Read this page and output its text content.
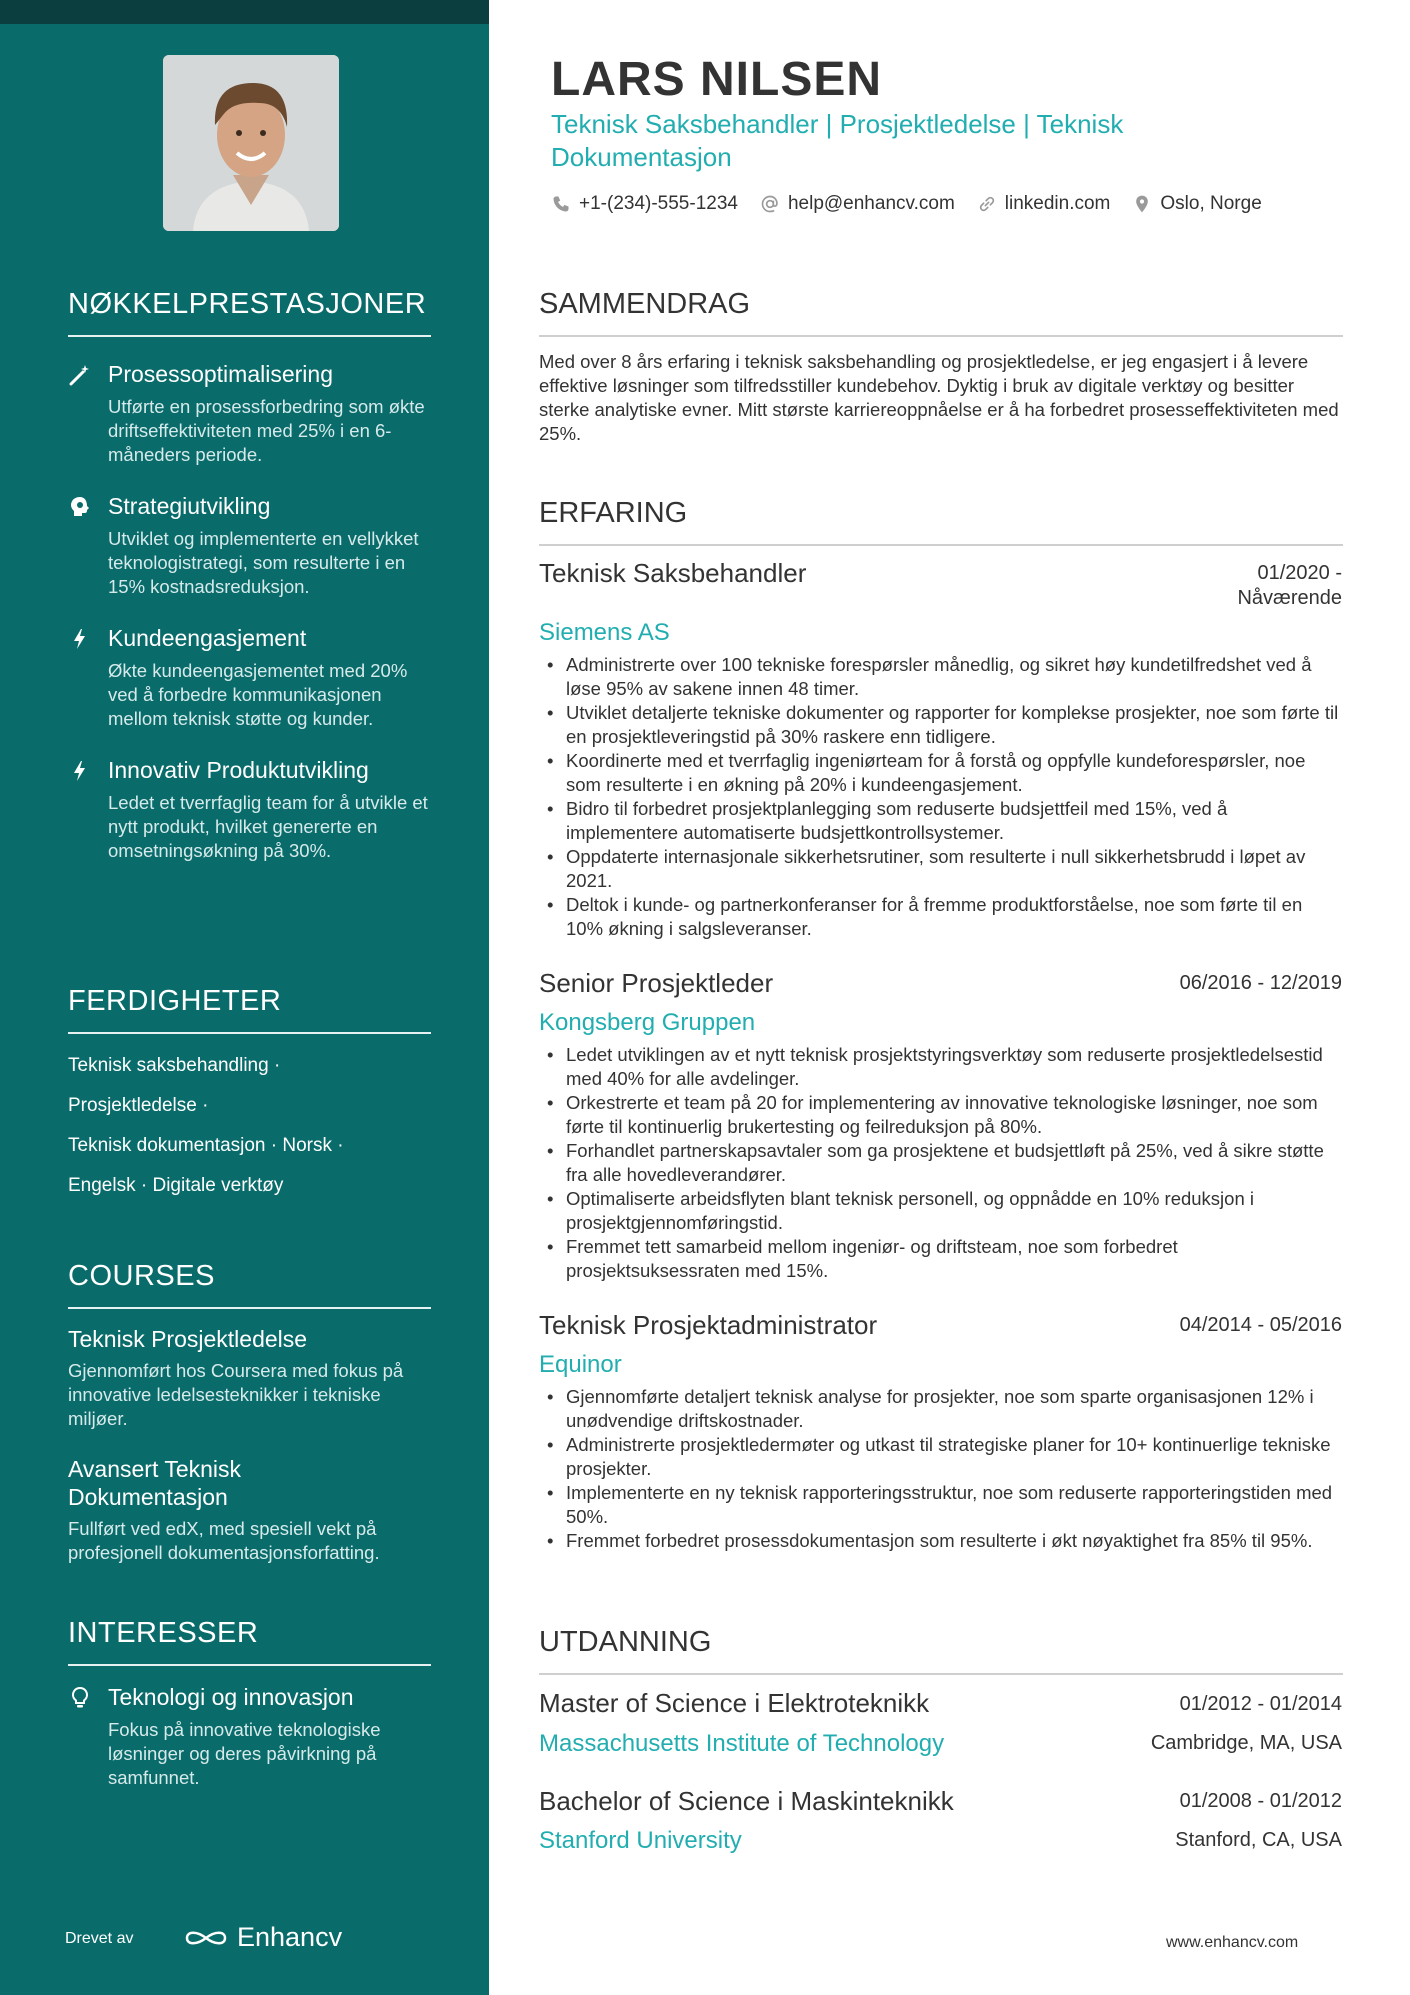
NØKKELPRESTASJONER
Prosessoptimalisering
Utførte en prosessforbedring som økte driftseffektiviteten med 25% i en 6-måneders periode.
Strategiutvikling
Utviklet og implementerte en vellykket teknologistrategi, som resulterte i en 15% kostnadsreduksjon.
Kundeengasjement
Økte kundeengasjementet med 20% ved å forbedre kommunikasjonen mellom teknisk støtte og kunder.
Innovativ Produktutvikling
Ledet et tverrfaglig team for å utvikle et nytt produkt, hvilket genererte en omsetningsøkning på 30%.
FERDIGHETER
Teknisk saksbehandling ·
Prosjektledelse ·
Teknisk dokumentasjon · Norsk ·
Engelsk · Digitale verktøy
COURSES
Teknisk Prosjektledelse
Gjennomført hos Coursera med fokus på innovative ledelsesteknikker i tekniske miljøer.
Avansert Teknisk Dokumentasjon
Fullført ved edX, med spesiell vekt på profesjonell dokumentasjonsforfatting.
INTERESSER
Teknologi og innovasjon
Fokus på innovative teknologiske løsninger og deres påvirkning på samfunnet.
Drevet av	Enhancv
LARS NILSEN
Teknisk Saksbehandler | Prosjektledelse | Teknisk Dokumentasjon
+1-(234)-555-1234	help@enhancv.com	linkedin.com	Oslo, Norge
SAMMENDRAG
Med over 8 års erfaring i teknisk saksbehandling og prosjektledelse, er jeg engasjert i å levere effektive løsninger som tilfredsstiller kundebehov. Dyktig i bruk av digitale verktøy og besitter sterke analytiske evner. Mitt største karriereoppnåelse er å ha forbedret prosesseffektiviteten med 25%.
ERFARING
Teknisk Saksbehandler	01/2020 -
Nåværende
Siemens AS
• Administrerte over 100 tekniske forespørsler månedlig, og sikret høy kundetilfredshet ved å løse 95% av sakene innen 48 timer.
• Utviklet detaljerte tekniske dokumenter og rapporter for komplekse prosjekter, noe som førte til en prosjektleveringstid på 30% raskere enn tidligere.
• Koordinerte med et tverrfaglig ingeniørteam for å forstå og oppfylle kundeforespørsler, noe som resulterte i en økning på 20% i kundeengasjement.
• Bidro til forbedret prosjektplanlegging som reduserte budsjettfeil med 15%, ved å implementere automatiserte budsjettkontrollsystemer.
• Oppdaterte internasjonale sikkerhetsrutiner, som resulterte i null sikkerhetsbrudd i løpet av 2021.
• Deltok i kunde- og partnerkonferanser for å fremme produktforståelse, noe som førte til en 10% økning i salgsleveranser.
Senior Prosjektleder	06/2016 - 12/2019
Kongsberg Gruppen
• Ledet utviklingen av et nytt teknisk prosjektstyringsverktøy som reduserte prosjektledelsestid med 40% for alle avdelinger.
• Orkestrerte et team på 20 for implementering av innovative teknologiske løsninger, noe som førte til kontinuerlig brukertesting og feilreduksjon på 80%.
• Forhandlet partnerskapsavtaler som ga prosjektene et budsjettløft på 25%, ved å sikre støtte fra alle hovedleverandører.
• Optimaliserte arbeidsflyten blant teknisk personell, og oppnådde en 10% reduksjon i prosjektgjennomføringstid.
• Fremmet tett samarbeid mellom ingeniør- og driftsteam, noe som forbedret prosjektsuksessraten med 15%.
Teknisk Prosjektadministrator	04/2014 - 05/2016
Equinor
• Gjennomførte detaljert teknisk analyse for prosjekter, noe som sparte organisasjonen 12% i unødvendige driftskostnader.
• Administrerte prosjektledermøter og utkast til strategiske planer for 10+ kontinuerlige tekniske prosjekter.
• Implementerte en ny teknisk rapporteringsstruktur, noe som reduserte rapporteringstiden med 50%.
• Fremmet forbedret prosessdokumentasjon som resulterte i økt nøyaktighet fra 85% til 95%.
UTDANNING
Master of Science i Elektroteknikk	01/2012 - 01/2014
Massachusetts Institute of Technology	Cambridge, MA, USA
Bachelor of Science i Maskinteknikk	01/2008 - 01/2012
Stanford University	Stanford, CA, USA
www.enhancv.com
